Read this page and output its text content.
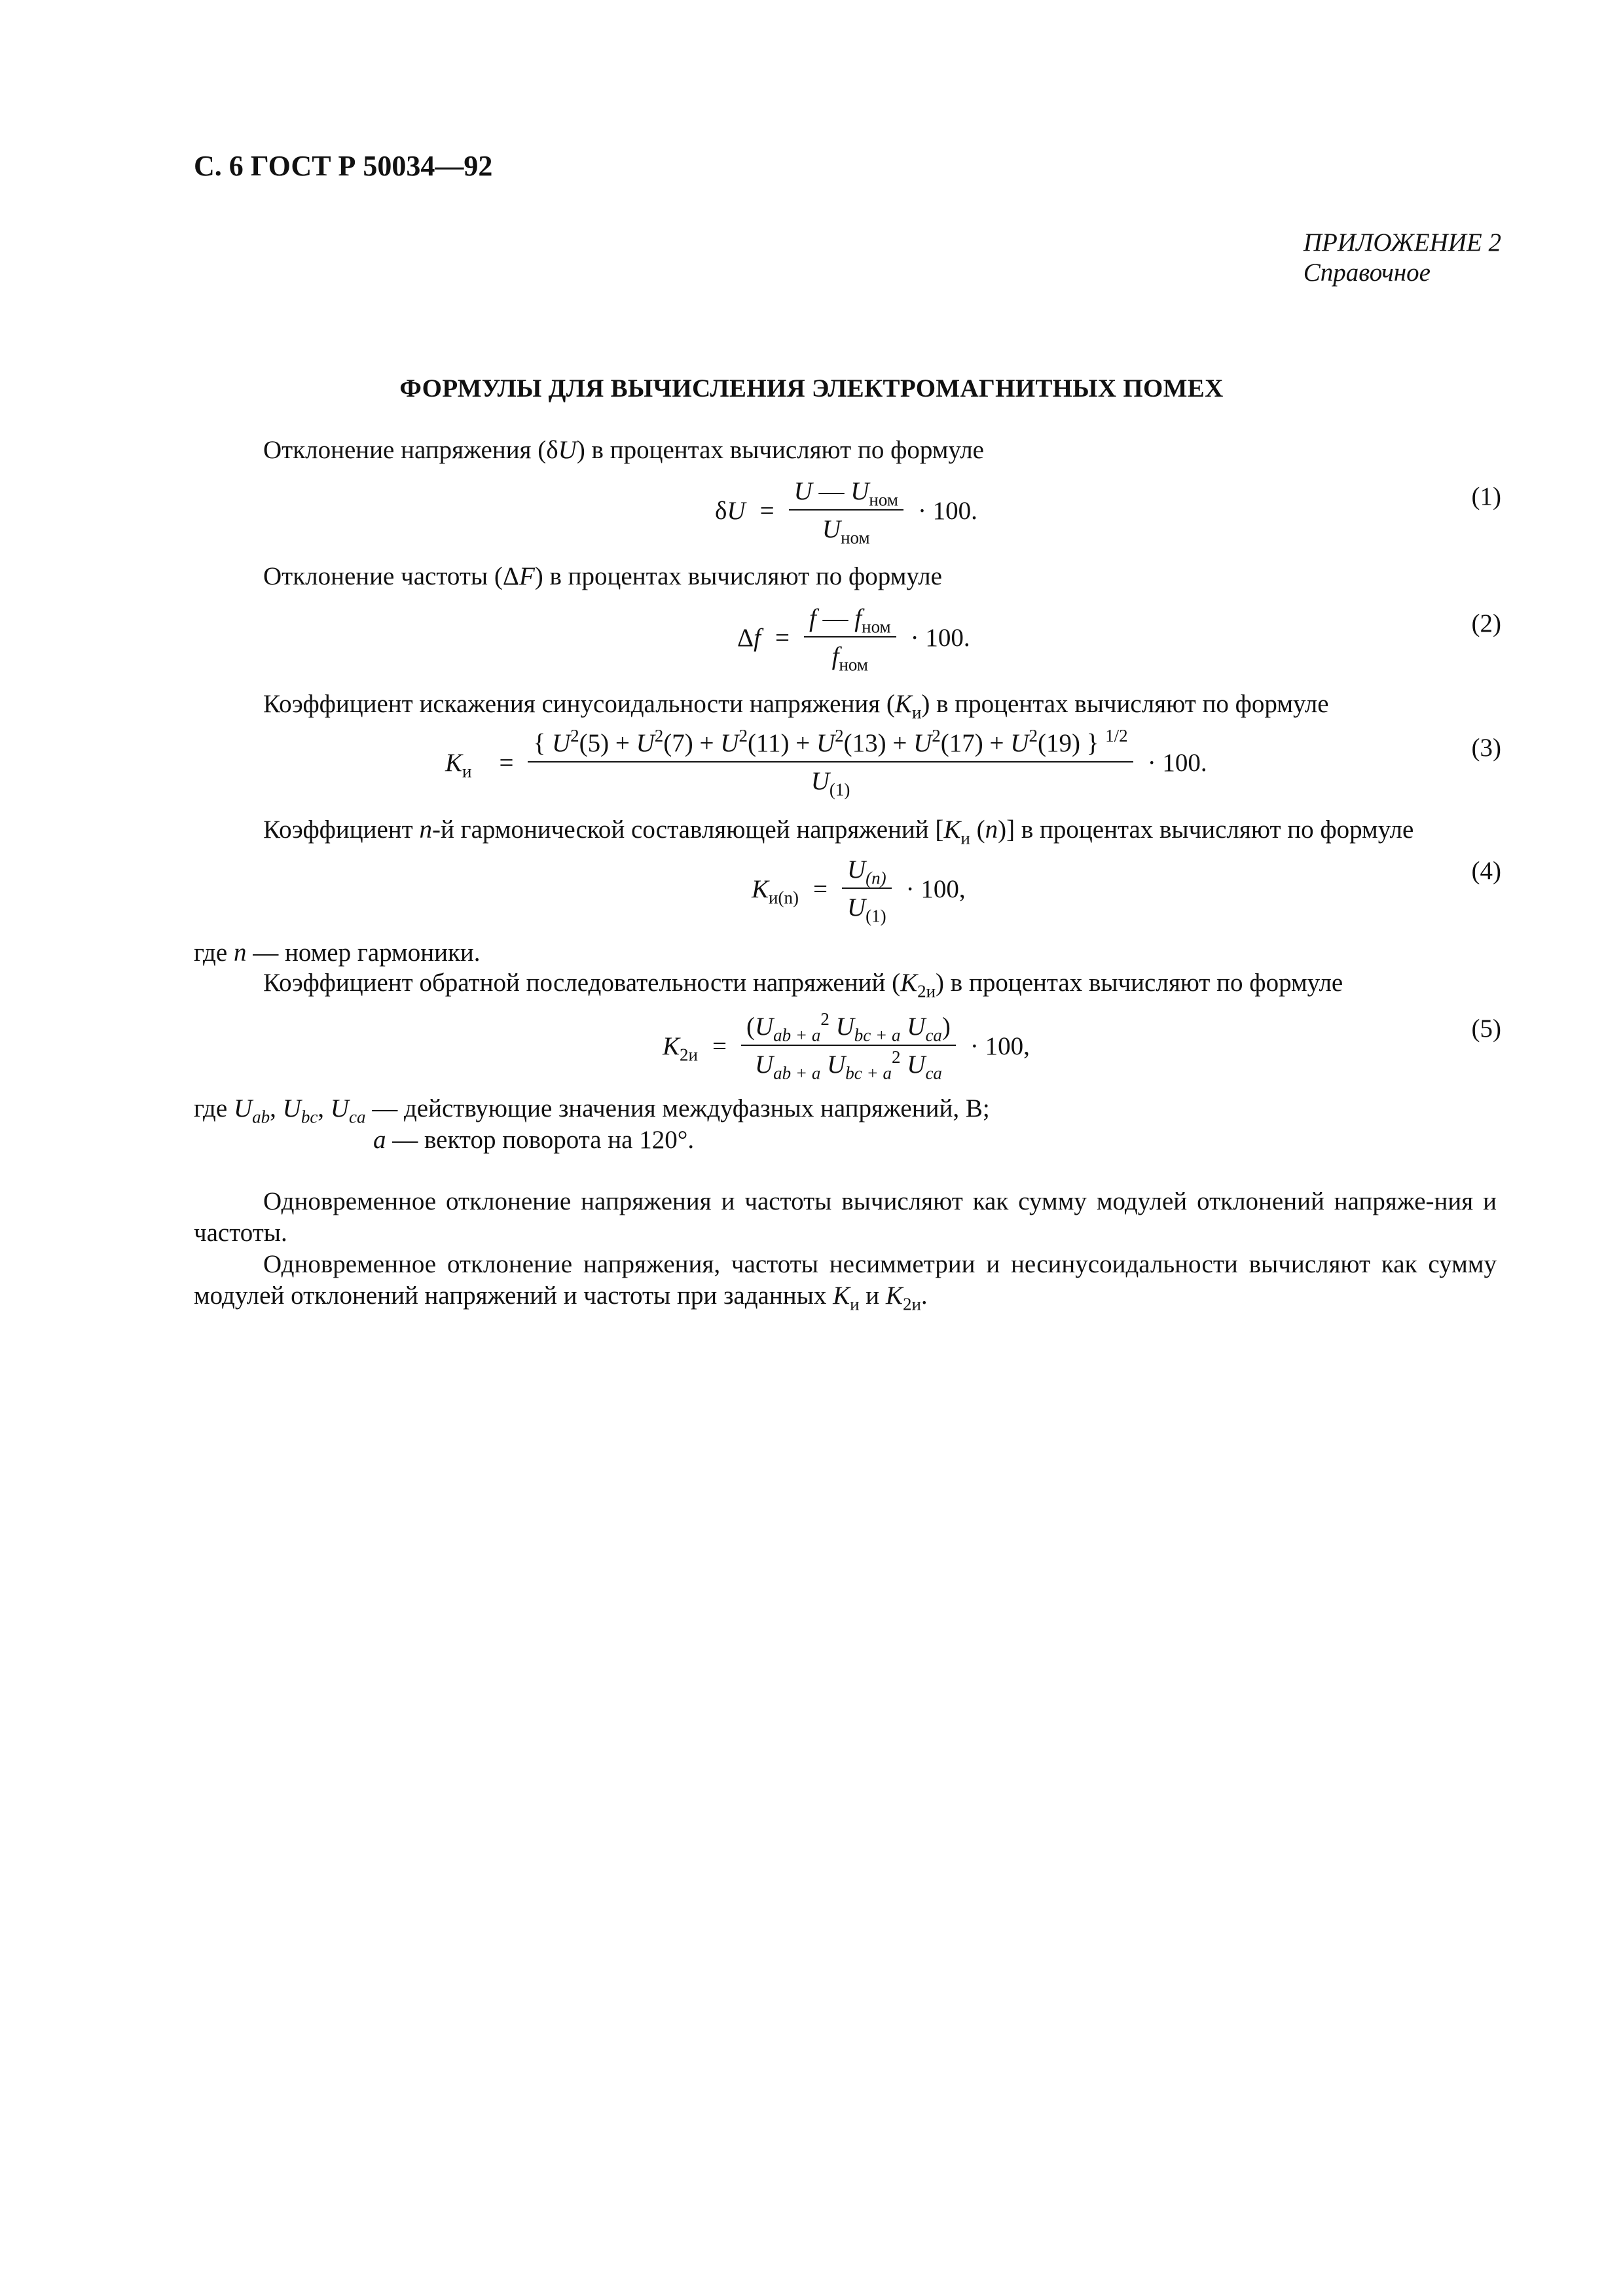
С. 6 ГОСТ Р 50034—92
ПРИЛОЖЕНИЕ 2
Справочное
ФОРМУЛЫ ДЛЯ ВЫЧИСЛЕНИЯ ЭЛЕКТРОМАГНИТНЫХ ПОМЕХ
Отклонение напряжения (δU) в процентах вычисляют по формуле
$\delta U = \frac{U — U_{ном}}{U_{ном}} \cdot 100$.	(1)
Отклонение частоты (ΔF) в процентах вычисляют по формуле
$\Delta f = \frac{f — f_{ном}}{f_{ном}} \cdot 100$.	(2)
Коэффициент искажения синусоидальности напряжения $(K_и)$ в процентах вычисляют по формуле
$K_и = \frac{\{ U^2(5) + U^2(7) + U^2(11) + U^2(13) + U^2(17) + U^2(19) \} ^{1/2}}{U_{(1)}} \cdot 100$.
(3)
Коэффициент n-й гармонической составляющей напряжений [$K_и$ (n)] в процентах вычисляют по формуле
$K_{и(n)} = \frac{U_{(n)}}{U_{(1)}} \cdot 100$,
(4)
где n — номер гармоники.
Коэффициент обратной последовательности напряжений $(K_{2и})$ в процентах вычисляют по формуле
$K_{2и} = \frac{(U_{ab + a}^2 U_{bc + a} U_{ca})}{U_{ab + a} U_{bc + a}^2 U_{ca}} \cdot 100$,
(5)
где $U_{ab}$, $U_{bc}$, $U_{ca}$ — действующие значения междуфазных напряжений, В;
a — вектор поворота на 120°.
Одновременное отклонение напряжения и частоты вычисляют как сумму модулей отклонений напряже-ния и частоты.
Одновременное отклонение напряжения, частоты несимметрии и несинусоидальности вычисляют как сумму модулей отклонений напряжений и частоты при заданных $K_и$ и $K_{2и}$.
